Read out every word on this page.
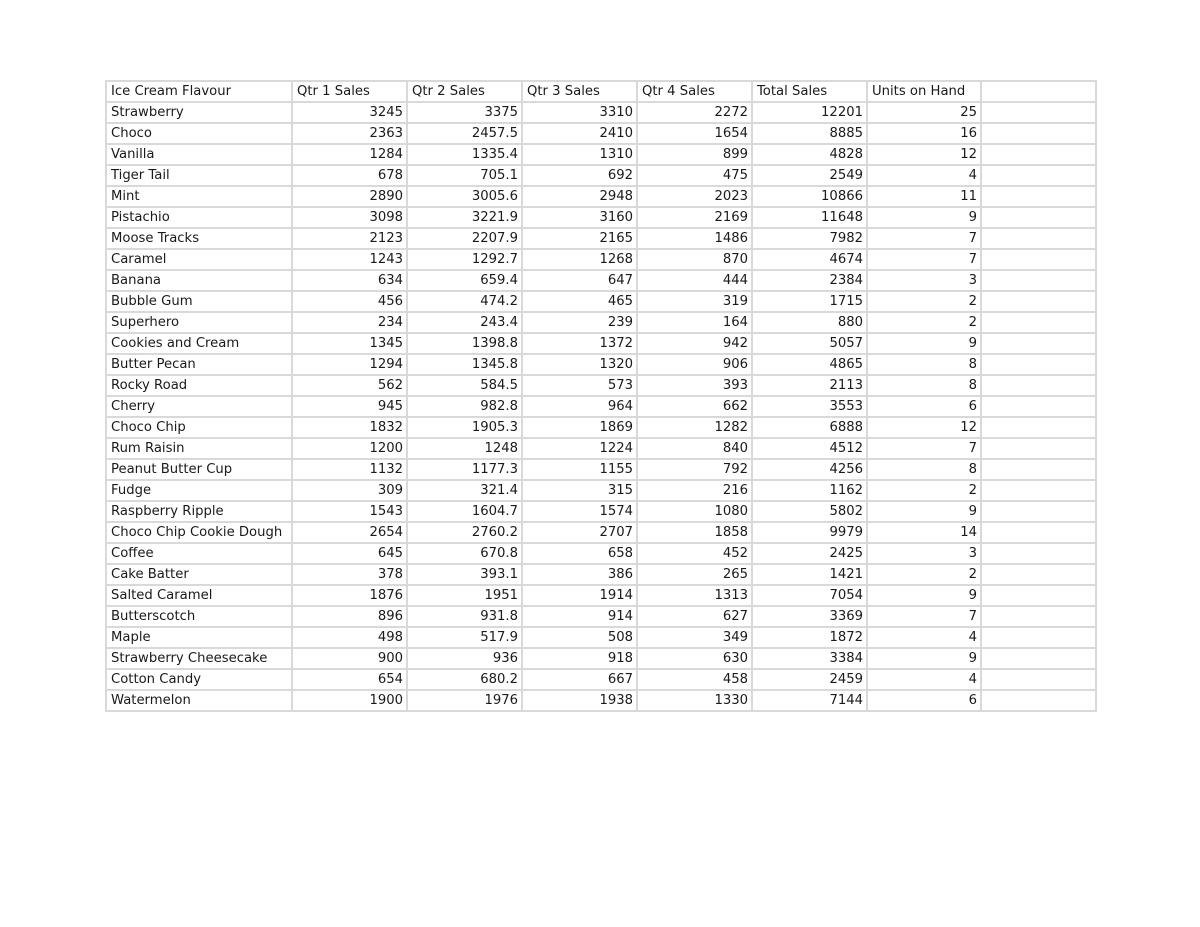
Ice Cream Flavour	Qtr 1 Sales	Qtr 2 Sales	Qtr 3 Sales	Qtr 4 Sales	Total Sales	Units on Hand	
Strawberry	3245	3375	3310	2272	12201	25	
Choco	2363	2457.5	2410	1654	8885	16	
Vanilla	1284	1335.4	1310	899	4828	12	
Tiger Tail	678	705.1	692	475	2549	4	
Mint	2890	3005.6	2948	2023	10866	11	
Pistachio	3098	3221.9	3160	2169	11648	9	
Moose Tracks	2123	2207.9	2165	1486	7982	7	
Caramel	1243	1292.7	1268	870	4674	7	
Banana	634	659.4	647	444	2384	3	
Bubble Gum	456	474.2	465	319	1715	2	
Superhero	234	243.4	239	164	880	2	
Cookies and Cream	1345	1398.8	1372	942	5057	9	
Butter Pecan	1294	1345.8	1320	906	4865	8	
Rocky Road	562	584.5	573	393	2113	8	
Cherry	945	982.8	964	662	3553	6	
Choco Chip	1832	1905.3	1869	1282	6888	12	
Rum Raisin	1200	1248	1224	840	4512	7	
Peanut Butter Cup	1132	1177.3	1155	792	4256	8	
Fudge	309	321.4	315	216	1162	2	
Raspberry Ripple	1543	1604.7	1574	1080	5802	9	
Choco Chip Cookie Dough	2654	2760.2	2707	1858	9979	14	
Coffee	645	670.8	658	452	2425	3	
Cake Batter	378	393.1	386	265	1421	2	
Salted Caramel	1876	1951	1914	1313	7054	9	
Butterscotch	896	931.8	914	627	3369	7	
Maple	498	517.9	508	349	1872	4	
Strawberry Cheesecake	900	936	918	630	3384	9	
Cotton Candy	654	680.2	667	458	2459	4	
Watermelon	1900	1976	1938	1330	7144	6	
